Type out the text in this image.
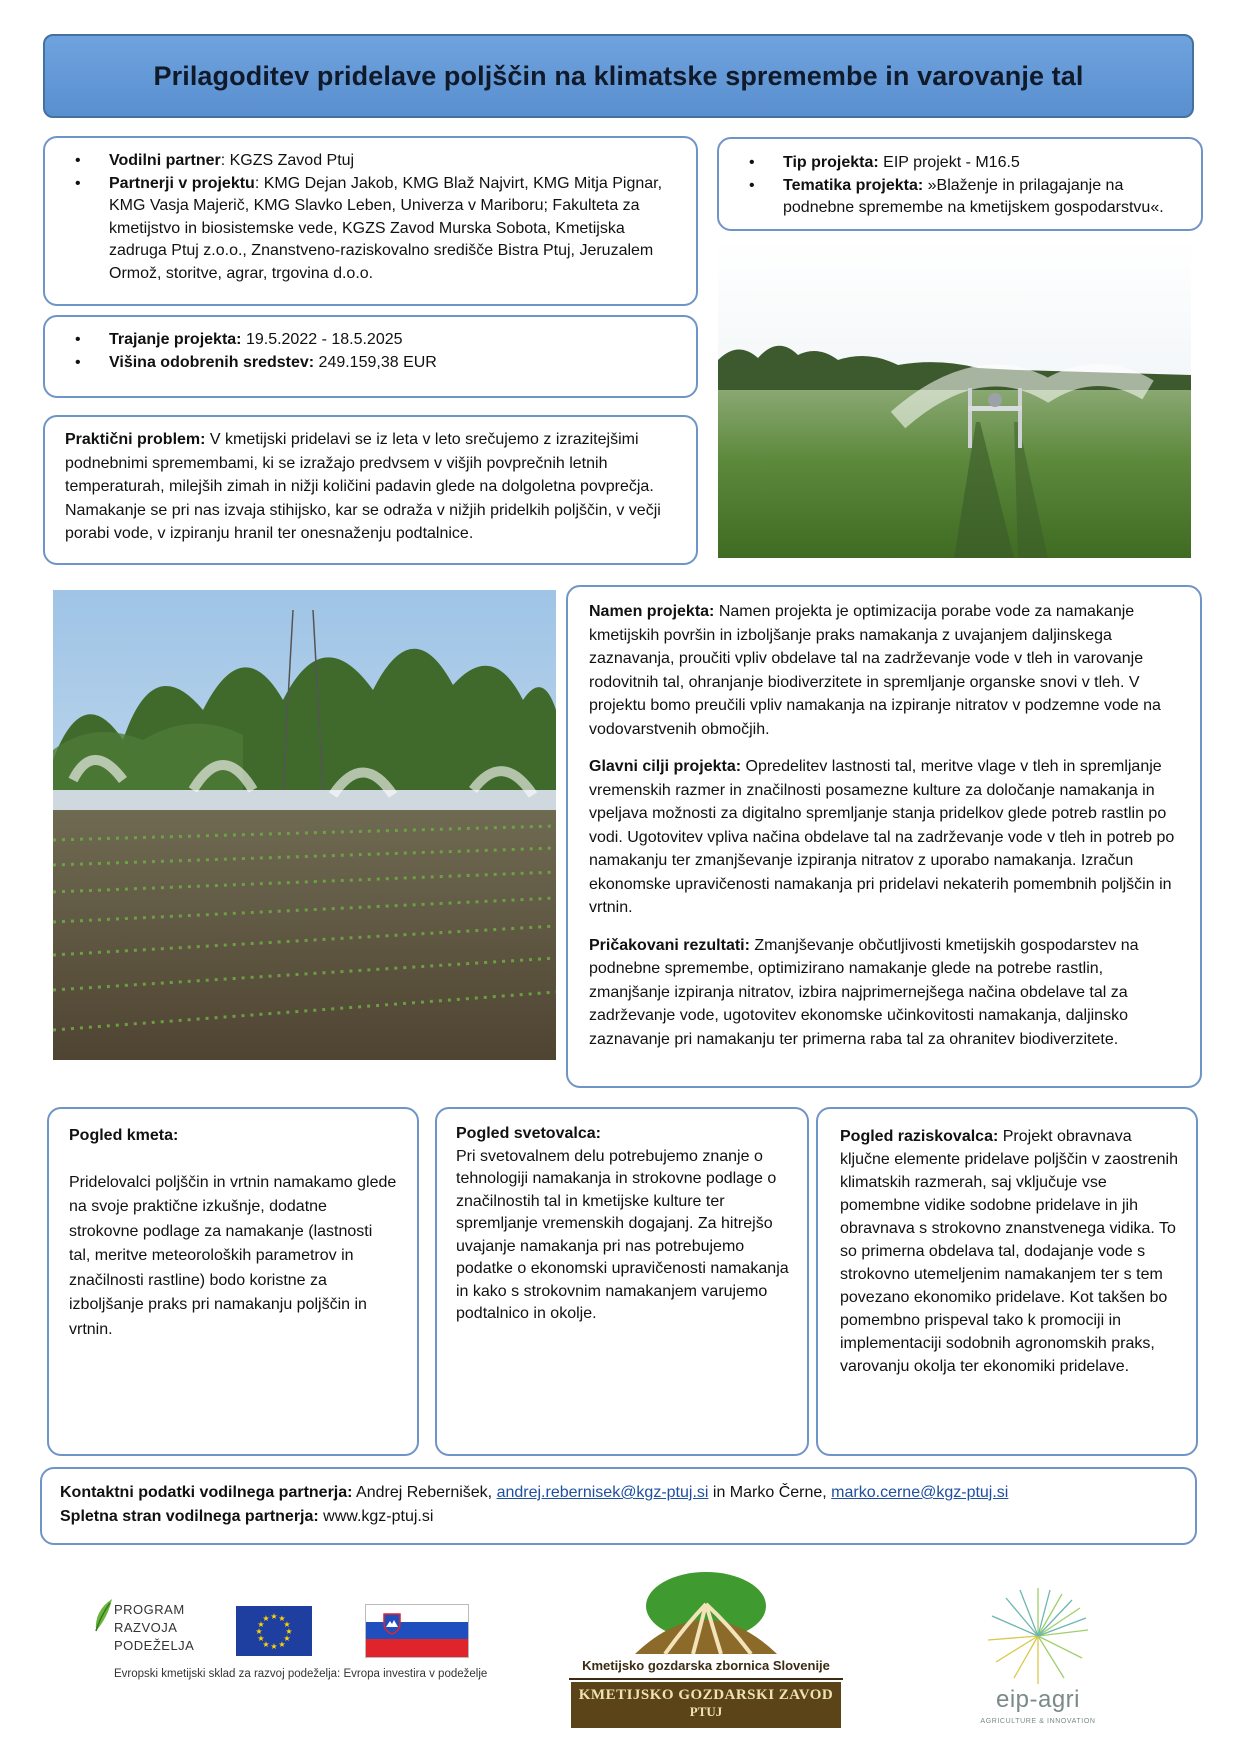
Prilagoditev pridelave poljščin na klimatske spremembe in varovanje tal
• Vodilni partner: KGZS Zavod Ptuj
• Partnerji v projektu: KMG Dejan Jakob, KMG Blaž Najvirt, KMG Mitja Pignar, KMG Vasja Majerič, KMG Slavko Leben, Univerza v Mariboru; Fakulteta za kmetijstvo in biosistemske vede, KGZS Zavod Murska Sobota, Kmetijska zadruga Ptuj z.o.o., Znanstveno-raziskovalno središče Bistra Ptuj, Jeruzalem Ormož, storitve, agrar, trgovina d.o.o.
• Tip projekta: EIP projekt - M16.5
• Tematika projekta: »Blaženje in prilagajanje na podnebne spremembe na kmetijskem gospodarstvu«.
• Trajanje projekta: 19.5.2022 - 18.5.2025
• Višina odobrenih sredstev: 249.159,38 EUR

Praktični problem: V kmetijski pridelavi se iz leta v leto srečujemo z izrazitejšimi podnebnimi spremembami, ki se izražajo predvsem v višjih povprečnih letnih temperaturah, milejših zimah in nižji količini padavin glede na dolgoletna povprečja. Namakanje se pri nas izvaja stihijsko, kar se odraža v nižjih pridelkih poljščin, v večji porabi vode, v izpiranju hranil ter onesnaženju podtalnice.

Namen projekta: Namen projekta je optimizacija porabe vode za namakanje kmetijskih površin in izboljšanje praks namakanja z uvajanjem daljinskega zaznavanja, proučiti vpliv obdelave tal na zadrževanje vode v tleh in varovanje rodovitnih tal, ohranjanje biodiverzitete in spremljanje organske snovi v tleh. V projektu bomo preučili vpliv namakanja na izpiranje nitratov v podzemne vode na vodovarstvenih območjih.

Glavni cilji projekta: Opredelitev lastnosti tal, meritve vlage v tleh in spremljanje vremenskih razmer in značilnosti posamezne kulture za določanje namakanja in vpeljava možnosti za digitalno spremljanje stanja pridelkov glede potreb rastlin po vodi. Ugotovitev vpliva načina obdelave tal na zadrževanje vode v tleh in potreb po namakanju ter zmanjševanje izpiranja nitratov z uporabo namakanja. Izračun ekonomske upravičenosti namakanja pri pridelavi nekaterih pomembnih poljščin in vrtnin.

Pričakovani rezultati: Zmanjševanje občutljivosti kmetijskih gospodarstev na podnebne spremembe, optimizirano namakanje glede na potrebe rastlin, zmanjšanje izpiranja nitratov, izbira najprimernejšega načina obdelave tal za zadrževanje vode, ugotovitev ekonomske učinkovitosti namakanja, daljinsko zaznavanje pri namakanju ter primerna raba tal za ohranitev biodiverzitete.

Pogled kmeta:

Pridelovalci poljščin in vrtnin namakamo glede na svoje praktične izkušnje, dodatne strokovne podlage za namakanje (lastnosti tal, meritve meteoroloških parametrov in značilnosti rastline) bodo koristne za izboljšanje praks pri namakanju poljščin in vrtnin.

Pogled svetovalca:

Pri svetovalnem delu potrebujemo znanje o tehnologiji namakanja in strokovne podlage o značilnostih tal in kmetijske kulture ter spremljanje vremenskih dogajanj. Za hitrejšo uvajanje namakanja pri nas potrebujemo podatke o ekonomski upravičenosti namakanja in kako s strokovnim namakanjem varujemo podtalnico in okolje.

Pogled raziskovalca: Projekt obravnava ključne elemente pridelave poljščin v zaostrenih klimatskih razmerah, saj vključuje vse pomembne vidike sodobne pridelave in jih obravnava s strokovno znanstvenega vidika. To so primerna obdelava tal, dodajanje vode s strokovno utemeljenim namakanjem ter s tem povezano ekonomiko pridelave. Kot takšen bo pomembno prispeval tako k promociji in implementaciji sodobnih agronomskih praks, varovanju okolja ter ekonomiki pridelave.

Kontaktni podatki vodilnega partnerja: Andrej Rebernišek, andrej.rebernisek@kgz-ptuj.si in Marko Černe, marko.cerne@kgz-ptuj.si

Spletna stran vodilnega partnerja: www.kgz-ptuj.si

PROGRAM
RAZVOJA
PODEŽELJA
★ ★
★
★
★
★
★
★
★
★
★
★
Evropski kmetijski sklad za razvoj podeželja: Evropa investira v podeželje
Kmetijsko gozdarska zbornica Slovenije
KMETIJSKO GOZDARSKI ZAVOD
PTUJ	eip-agri
AGRICULTURE & INNOVATION
